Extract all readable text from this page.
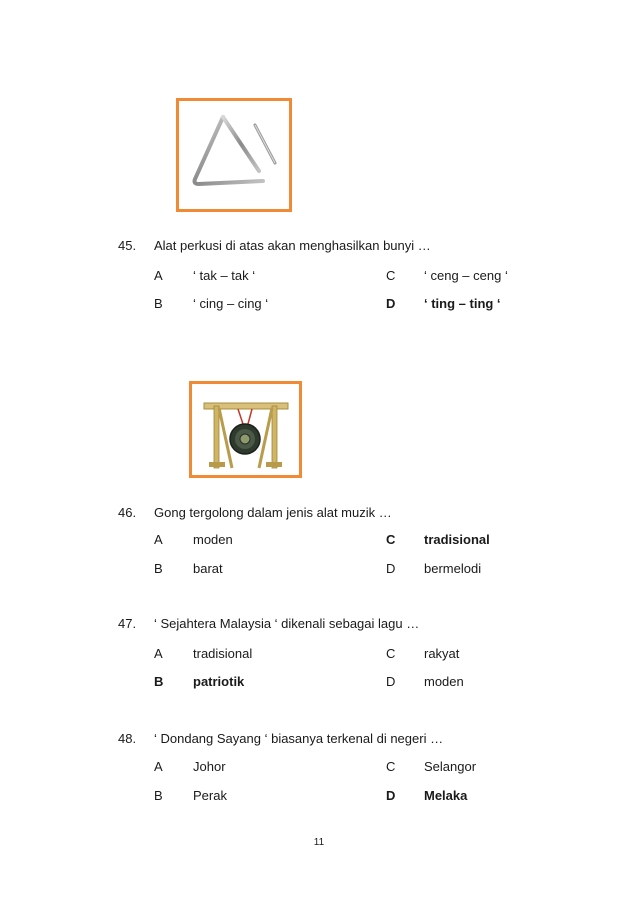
45. Alat perkusi di atas akan menghasilkan bunyi …
A ‘ tak – tak ‘	C ‘ ceng – ceng ‘
B ‘ cing – cing ‘	D ‘ ting – ting ‘
46. Gong tergolong dalam jenis alat muzik …
A moden	C tradisional
B barat	D bermelodi
47. ‘ Sejahtera Malaysia ‘ dikenali sebagai lagu …
A tradisional	C rakyat
B patriotik	D moden
48. ‘ Dondang Sayang ‘ biasanya terkenal di negeri …
A Johor	C Selangor
B Perak	D Melaka
11
